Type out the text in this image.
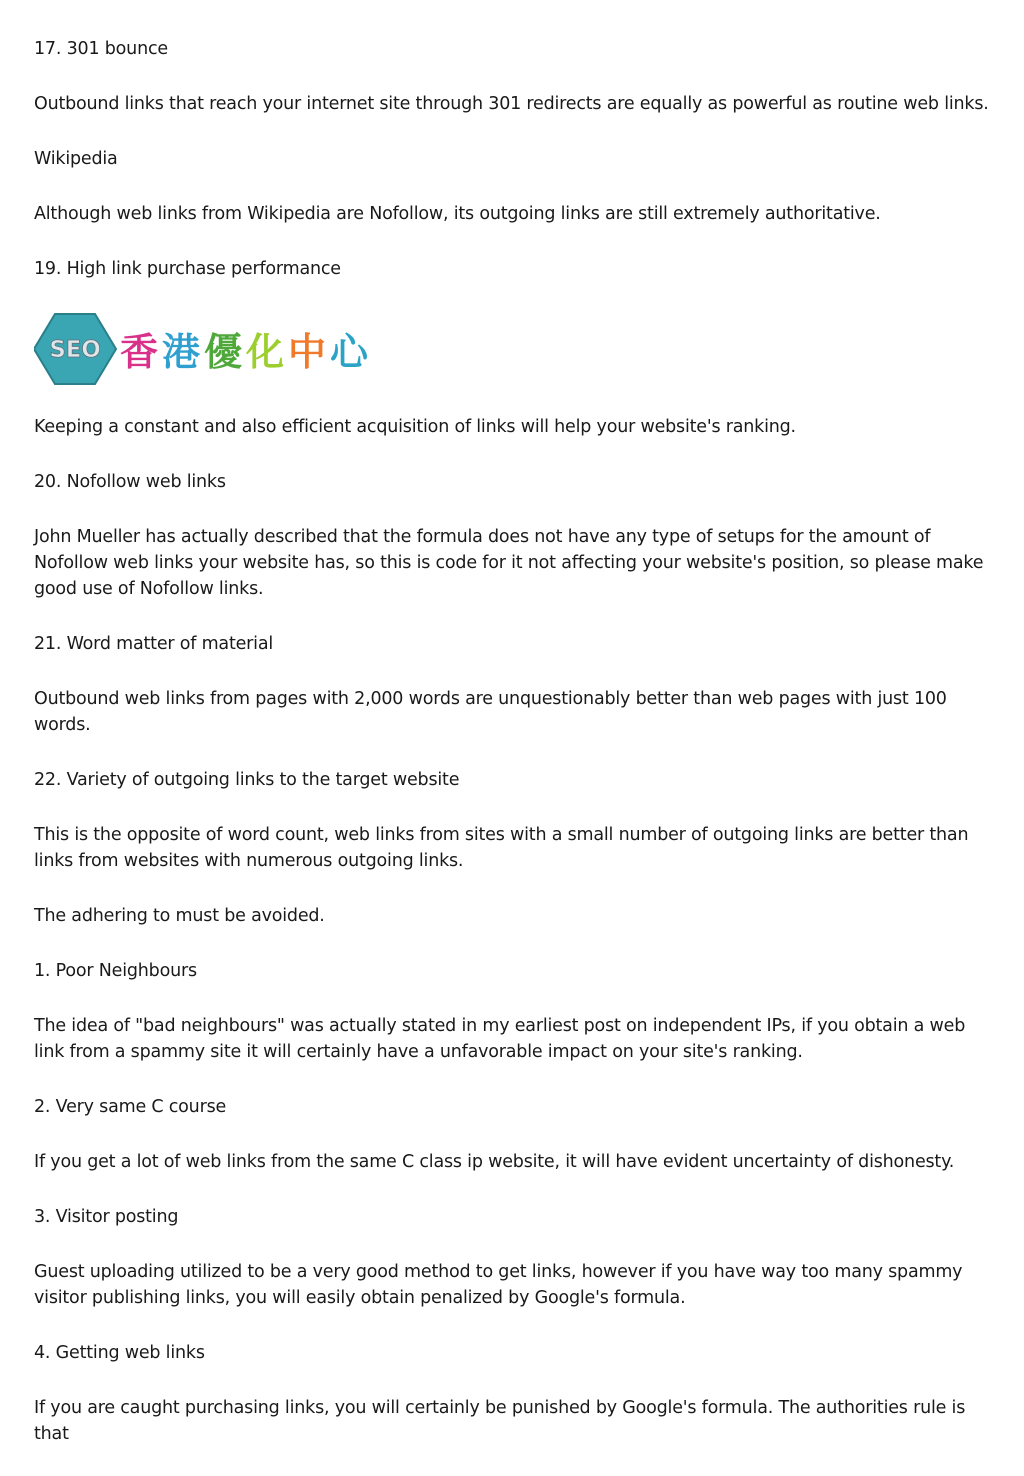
17. 301 bounce

Outbound links that reach your internet site through 301 redirects are equally as powerful as routine web links.

Wikipedia

Although web links from Wikipedia are Nofollow, its outgoing links are still extremely authoritative.

19. High link purchase performance

SEO 香 港 優 化 中 心

Keeping a constant and also efficient acquisition of links will help your website's ranking.

20. Nofollow web links

John Mueller has actually described that the formula does not have any type of setups for the amount of Nofollow web links your website has, so this is code for it not affecting your website's position, so please make good use of Nofollow links.

21. Word matter of material

Outbound web links from pages with 2,000 words are unquestionably better than web pages with just 100 words.

22. Variety of outgoing links to the target website

This is the opposite of word count, web links from sites with a small number of outgoing links are better than links from websites with numerous outgoing links.

The adhering to must be avoided.

1. Poor Neighbours

The idea of "bad neighbours" was actually stated in my earliest post on independent IPs, if you obtain a web link from a spammy site it will certainly have a unfavorable impact on your site's ranking.

2. Very same C course

If you get a lot of web links from the same C class ip website, it will have evident uncertainty of dishonesty.

3. Visitor posting

Guest uploading utilized to be a very good method to get links, however if you have way too many spammy visitor publishing links, you will easily obtain penalized by Google's formula.

4. Getting web links

If you are caught purchasing links, you will certainly be punished by Google's formula. The authorities rule is that
